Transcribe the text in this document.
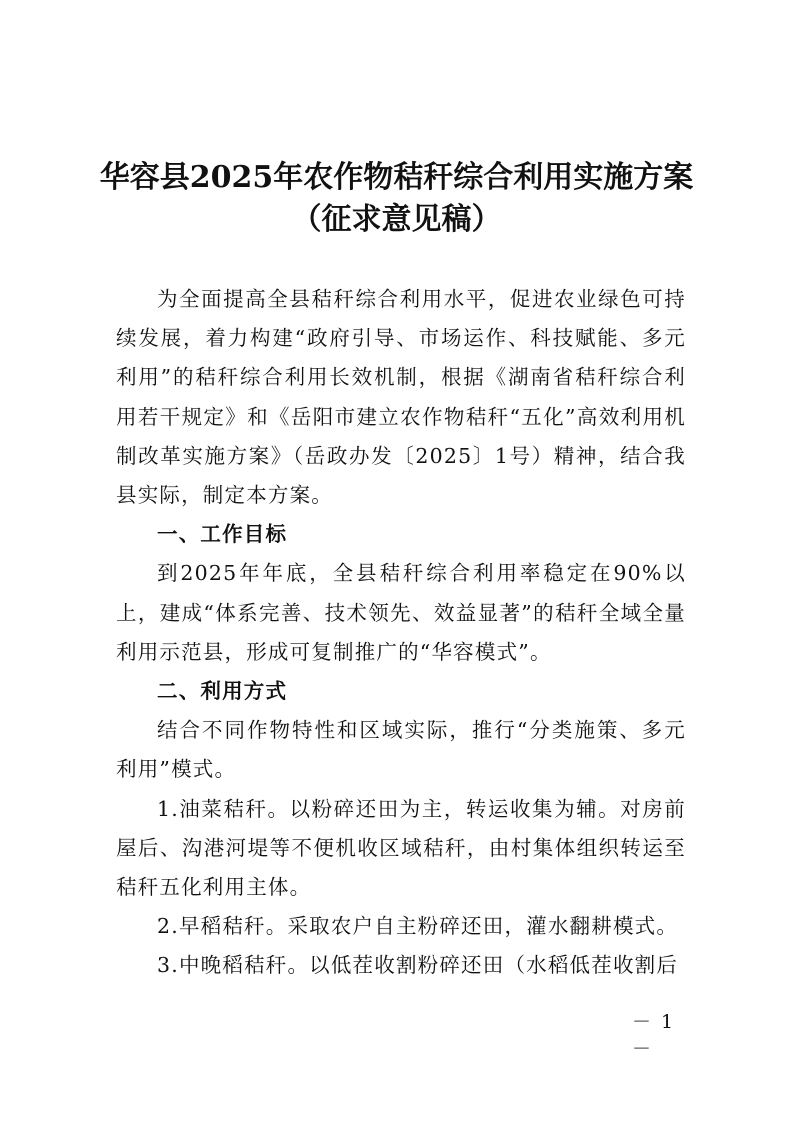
华容县2025年农作物秸秆综合利用实施方案
（征求意见稿）

为全面提高全县秸秆综合利用水平，促进农业绿色可持续发展，着力构建“政府引导、市场运作、科技赋能、多元利用”的秸秆综合利用长效机制，根据《湖南省秸秆综合利用若干规定》和《岳阳市建立农作物秸秆“五化”高效利用机制改革实施方案》（岳政办发〔2025〕1号）精神，结合我县实际，制定本方案。

一、工作目标

到2025年年底，全县秸秆综合利用率稳定在90%以上，建成“体系完善、技术领先、效益显著”的秸秆全域全量利用示范县，形成可复制推广的“华容模式”。

二、利用方式

结合不同作物特性和区域实际，推行“分类施策、多元利用”模式。

1.油菜秸秆。以粉碎还田为主，转运收集为辅。对房前屋后、沟港河堤等不便机收区域秸秆，由村集体组织转运至秸秆五化利用主体。

2.早稻秸秆。采取农户自主粉碎还田，灌水翻耕模式。

3.中晚稻秸秆。以低茬收割粉碎还田（水稻低茬收割后

－ 1 －
